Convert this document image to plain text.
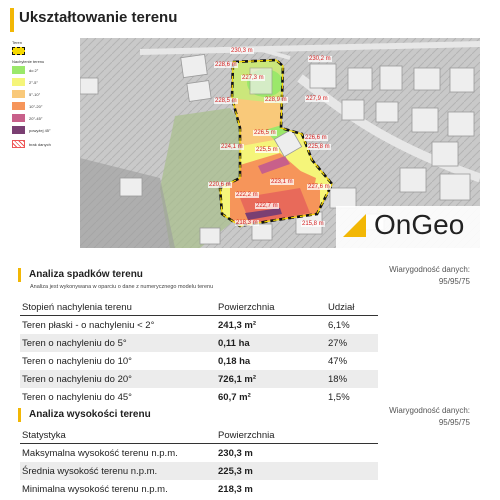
Ukształtowanie terenu
Teren
Nachylenie terenu
do 2°
2°-5°
5°-10°
10°-20°
20°-45°
powyżej 45°
brak danych
230,3 m
230,2 m
228,6 m
227,3 m
228,9 m
228,5 m	227,9 m
226,5 m
226,6 m
224,1 m 225,5 m	225,8 m
227,6 m
223,1 m
220,6 m
222,2 m
222,7 m
218,3 m	215,8 m OnGeo
Analiza spadków terenu
Analiza jest wykonywana w oparciu o dane z numerycznego modelu terenu
Wiarygodność danych:
95/95/75
Stopień nachylenia terenu	Powierzchnia	Udział
Teren płaski - o nachyleniu < 2°	241,3 m²	6,1%
Teren o nachyleniu do 5°	0,11 ha	27%
Teren o nachyleniu do 10°	0,18 ha	47%
Teren o nachyleniu do 20°	726,1 m²	18%
Teren o nachyleniu do 45°	60,7 m²	1,5%
Analiza wysokości terenu	Wiarygodność danych:
95/95/75
Statystyka	Powierzchnia
Maksymalna wysokość terenu n.p.m.	230,3 m
Średnia wysokość terenu n.p.m.	225,3 m
Minimalna wysokość terenu n.p.m.	218,3 m
